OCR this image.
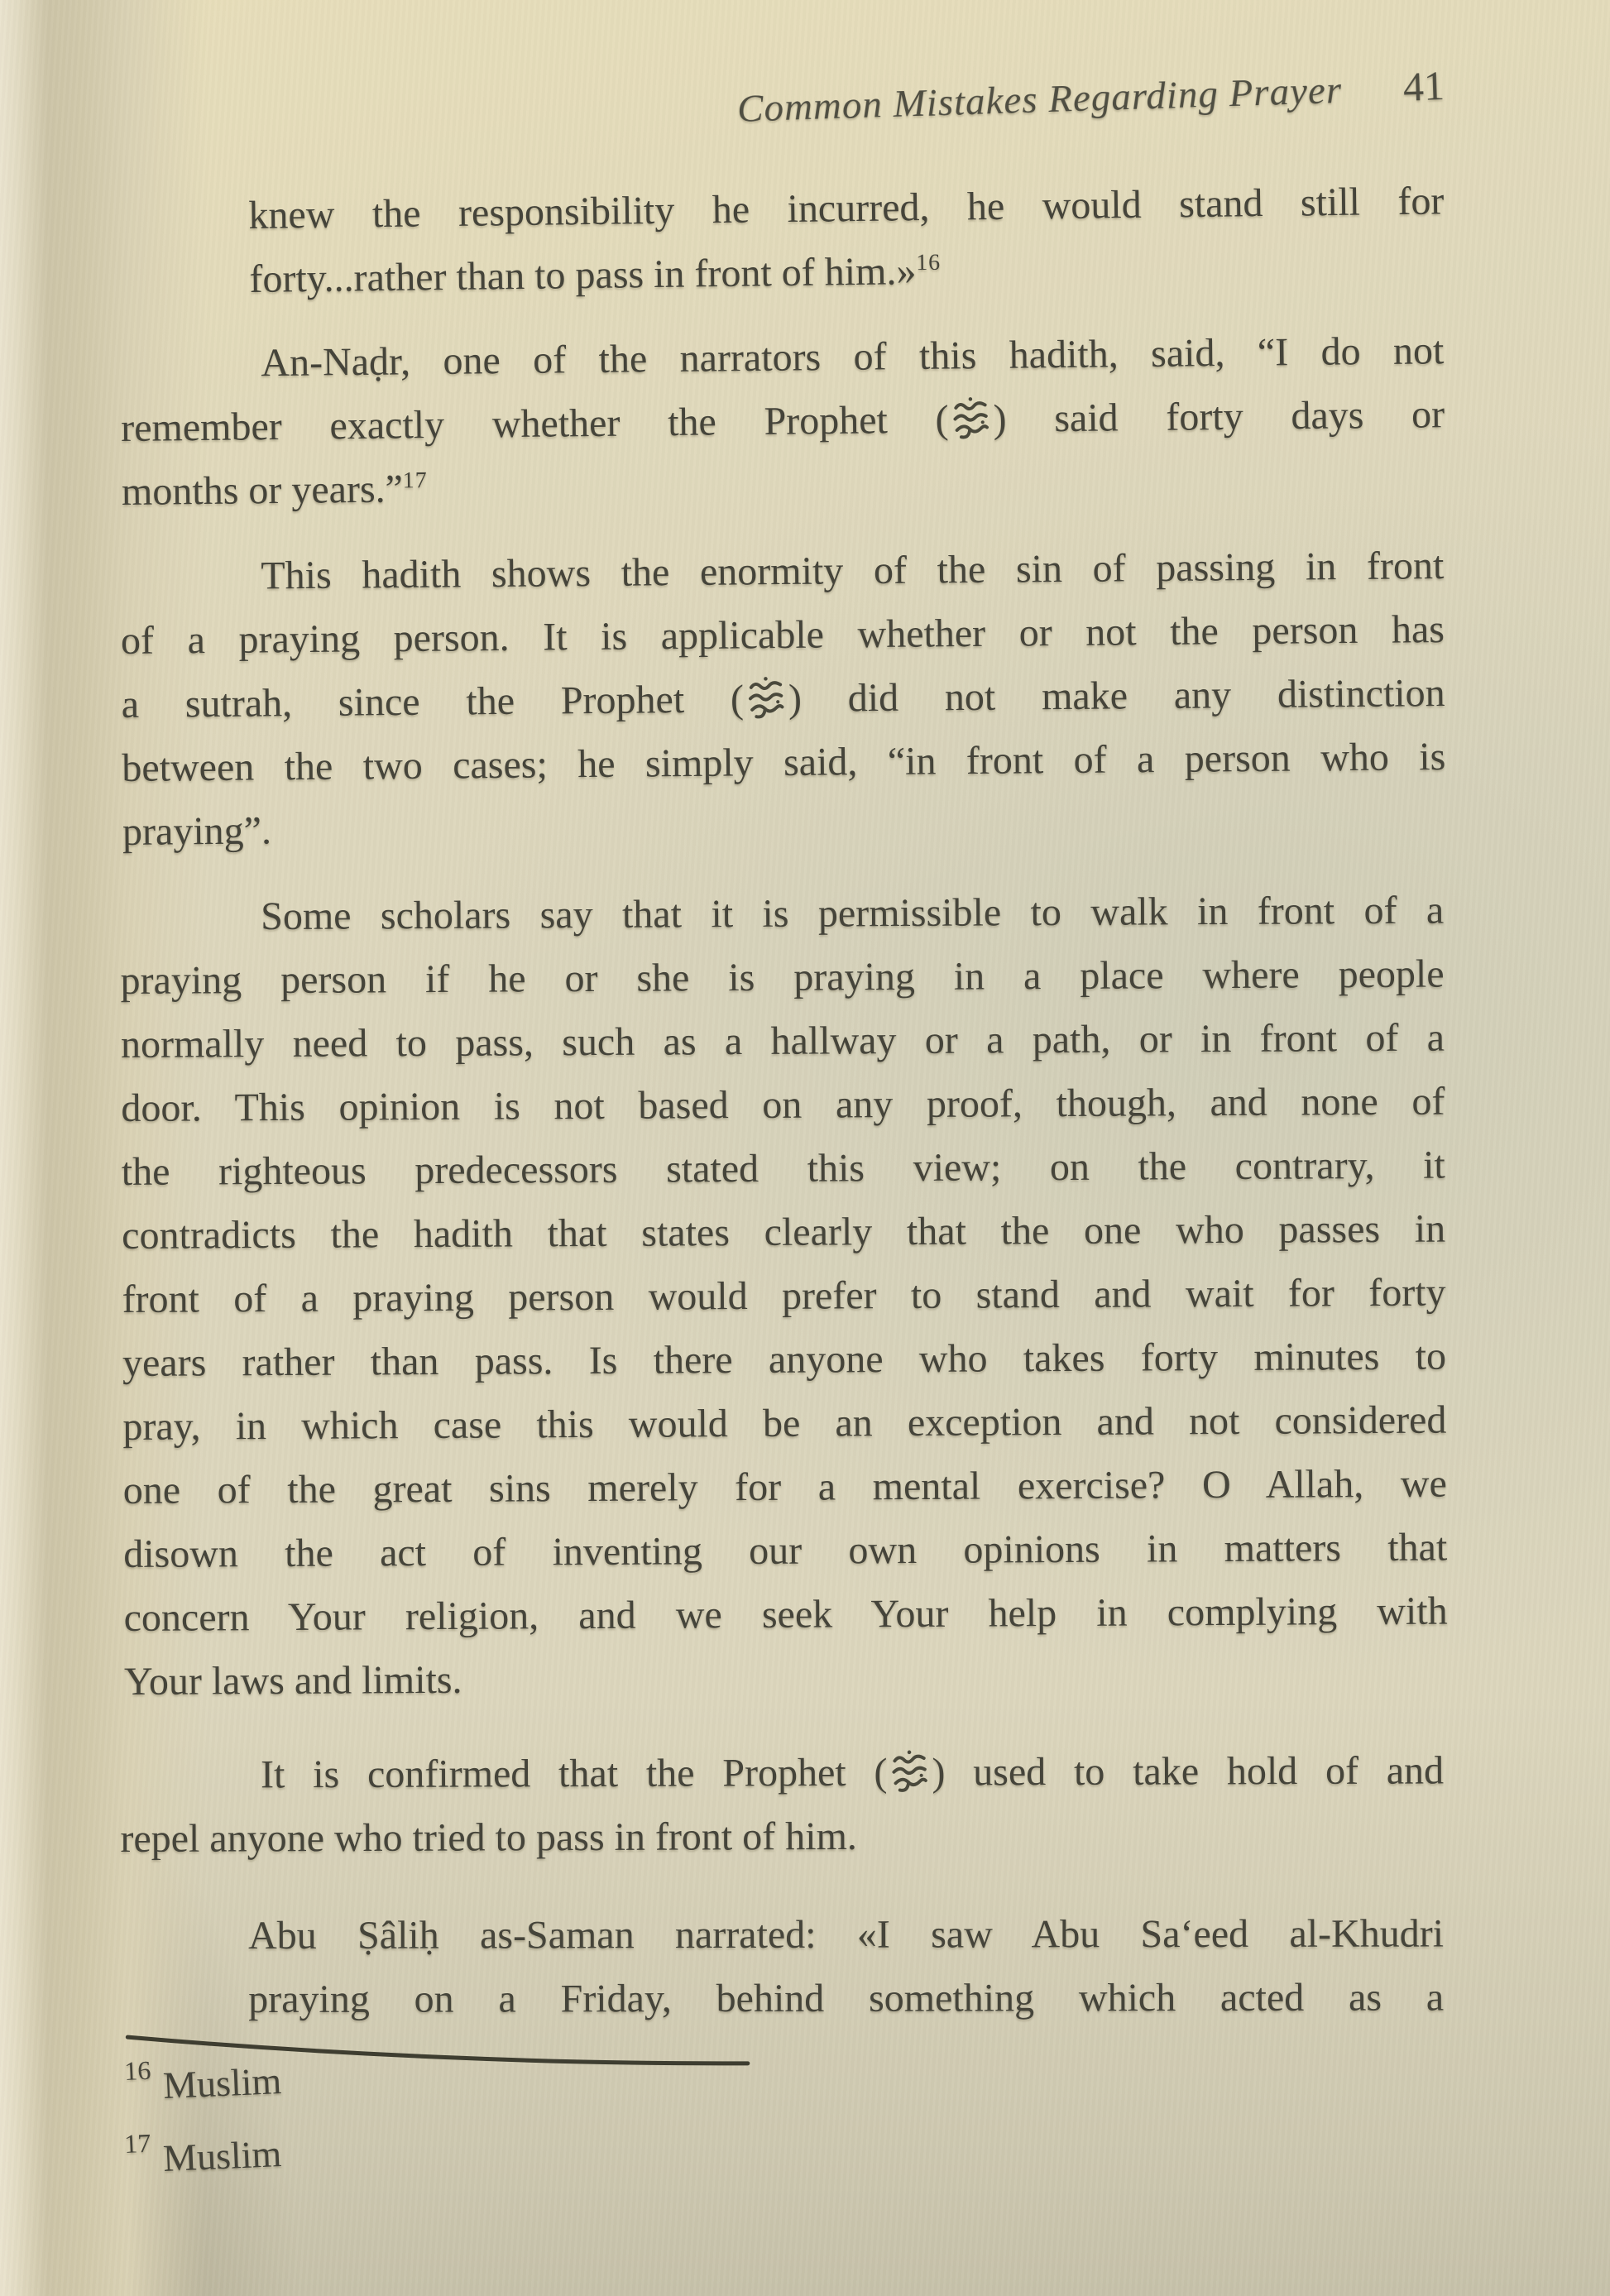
Common Mistakes Regarding Prayer 41
knew the responsibility he incurred, he would stand still for
forty...rather than to pass in front of him.»$^{16}$
An-Naḍr, one of the narrators of this hadith, said, “I do not
remember exactly whether the Prophet ( ) said forty days or
months or years.”$^{17}$
This hadith shows the enormity of the sin of passing in front
of a praying person. It is applicable whether or not the person has
a sutrah, since the Prophet ( ) did not make any distinction
between the two cases; he simply said, “in front of a person who is
praying”.
Some scholars say that it is permissible to walk in front of a
praying person if he or she is praying in a place where people
normally need to pass, such as a hallway or a path, or in front of a
door. This opinion is not based on any proof, though, and none of
the righteous predecessors stated this view; on the contrary, it
contradicts the hadith that states clearly that the one who passes in
front of a praying person would prefer to stand and wait for forty
years rather than pass. Is there anyone who takes forty minutes to
pray, in which case this would be an exception and not considered
one of the great sins merely for a mental exercise? O Allah, we
disown the act of inventing our own opinions in matters that
concern Your religion, and we seek Your help in complying with
Your laws and limits.
It is confirmed that the Prophet ( ) used to take hold of and
repel anyone who tried to pass in front of him.
Abu Ṣâliḥ as-Saman narrated: «I saw Abu Sa‘eed al-Khudri
praying on a Friday, behind something which acted as a
16 Muslim
17 Muslim
